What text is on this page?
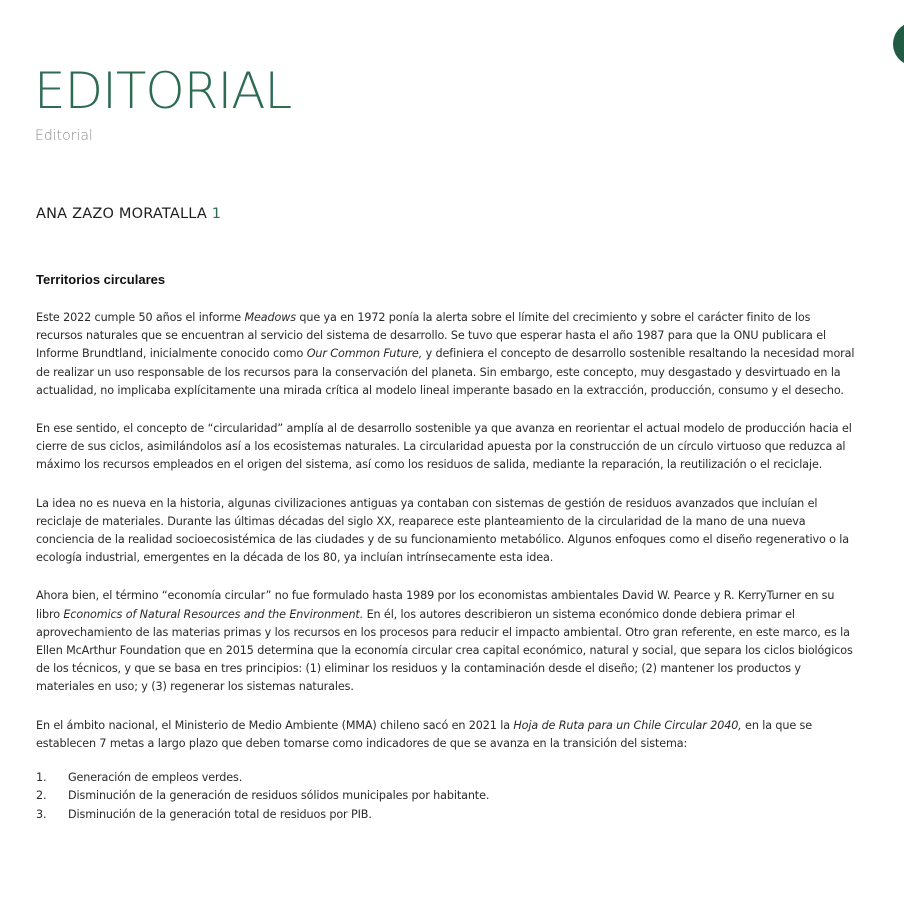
EDITORIAL
Editorial
ANA ZAZO MORATALLA 1
Territorios circulares

Este 2022 cumple 50 años el informe Meadows que ya en 1972 ponía la alerta sobre el límite del crecimiento y sobre el carácter finito de los recursos naturales que se encuentran al servicio del sistema de desarrollo. Se tuvo que esperar hasta el año 1987 para que la ONU publicara el Informe Brundtland, inicialmente conocido como Our Common Future, y definiera el concepto de desarrollo sostenible resaltando la necesidad moral de realizar un uso responsable de los recursos para la conservación del planeta. Sin embargo, este concepto, muy desgastado y desvirtuado en la actualidad, no implicaba explícitamente una mirada crítica al modelo lineal imperante basado en la extracción, producción, consumo y el desecho.

En ese sentido, el concepto de “circularidad” amplía al de desarrollo sostenible ya que avanza en reorientar el actual modelo de producción hacia el cierre de sus ciclos, asimilándolos así a los ecosistemas naturales. La circularidad apuesta por la construcción de un círculo virtuoso que reduzca al máximo los recursos empleados en el origen del sistema, así como los residuos de salida, mediante la reparación, la reutilización o el reciclaje.

La idea no es nueva en la historia, algunas civilizaciones antiguas ya contaban con sistemas de gestión de residuos avanzados que incluían el reciclaje de materiales. Durante las últimas décadas del siglo XX, reaparece este planteamiento de la circularidad de la mano de una nueva conciencia de la realidad socioecosistémica de las ciudades y de su funcionamiento metabólico. Algunos enfoques como el diseño regenerativo o la ecología industrial, emergentes en la década de los 80, ya incluían intrínsecamente esta idea.

Ahora bien, el término “economía circular” no fue formulado hasta 1989 por los economistas ambientales David W. Pearce y R. KerryTurner en su libro Economics of Natural Resources and the Environment. En él, los autores describieron un sistema económico donde debiera primar el aprovechamiento de las materias primas y los recursos en los procesos para reducir el impacto ambiental. Otro gran referente, en este marco, es la Ellen McArthur Foundation que en 2015 determina que la economía circular crea capital económico, natural y social, que separa los ciclos biológicos de los técnicos, y que se basa en tres principios: (1) eliminar los residuos y la contaminación desde el diseño; (2) mantener los productos y materiales en uso; y (3) regenerar los sistemas naturales.

En el ámbito nacional, el Ministerio de Medio Ambiente (MMA) chileno sacó en 2021 la Hoja de Ruta para un Chile Circular 2040, en la que se establecen 7 metas a largo plazo que deben tomarse como indicadores de que se avanza en la transición del sistema:

1.	Generación de empleos verdes.
2.	Disminución de la generación de residuos sólidos municipales por habitante.
3.	Disminución de la generación total de residuos por PIB.
